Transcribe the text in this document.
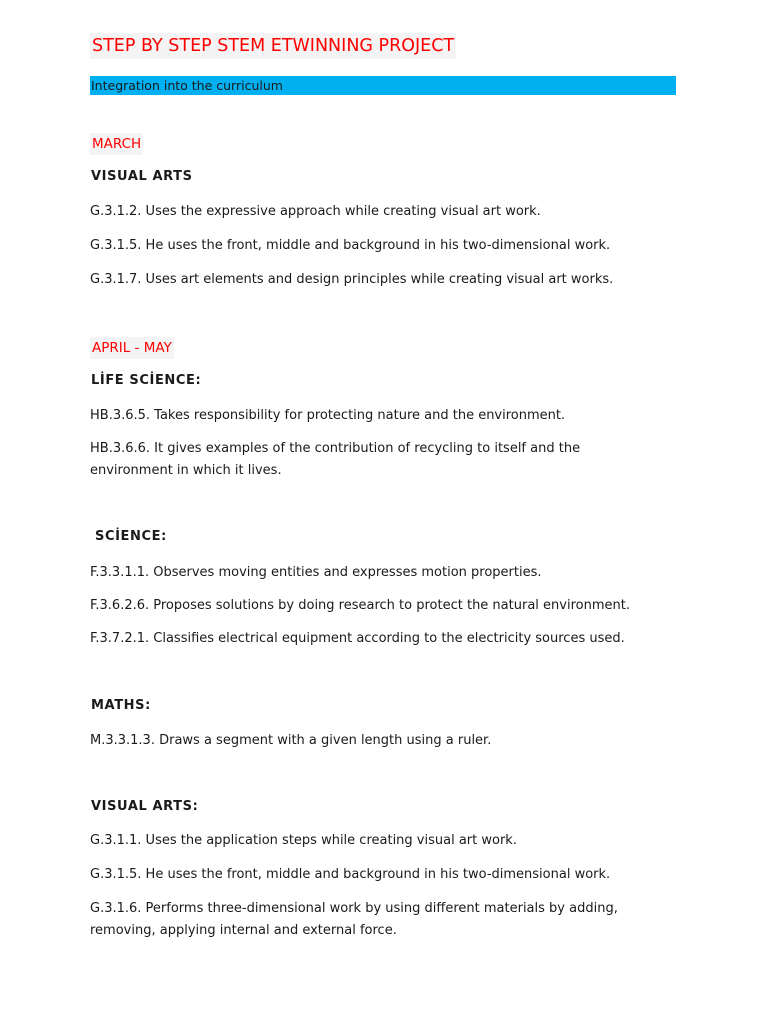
STEP BY STEP STEM ETWINNING PROJECT
Integration into the curriculum
MARCH
VISUAL ARTS
G.3.1.2. Uses the expressive approach while creating visual art work.
G.3.1.5. He uses the front, middle and background in his two-dimensional work.
G.3.1.7. Uses art elements and design principles while creating visual art works.
APRIL - MAY
LİFE SCİENCE:
HB.3.6.5. Takes responsibility for protecting nature and the environment.
HB.3.6.6. It gives examples of the contribution of recycling to itself and the environment in which it lives.
SCİENCE:
F.3.3.1.1. Observes moving entities and expresses motion properties.
F.3.6.2.6. Proposes solutions by doing research to protect the natural environment.
F.3.7.2.1. Classifies electrical equipment according to the electricity sources used.
MATHS:
M.3.3.1.3. Draws a segment with a given length using a ruler.
VISUAL ARTS:
G.3.1.1. Uses the application steps while creating visual art work.
G.3.1.5. He uses the front, middle and background in his two-dimensional work.
G.3.1.6. Performs three-dimensional work by using different materials by adding, removing, applying internal and external force.
